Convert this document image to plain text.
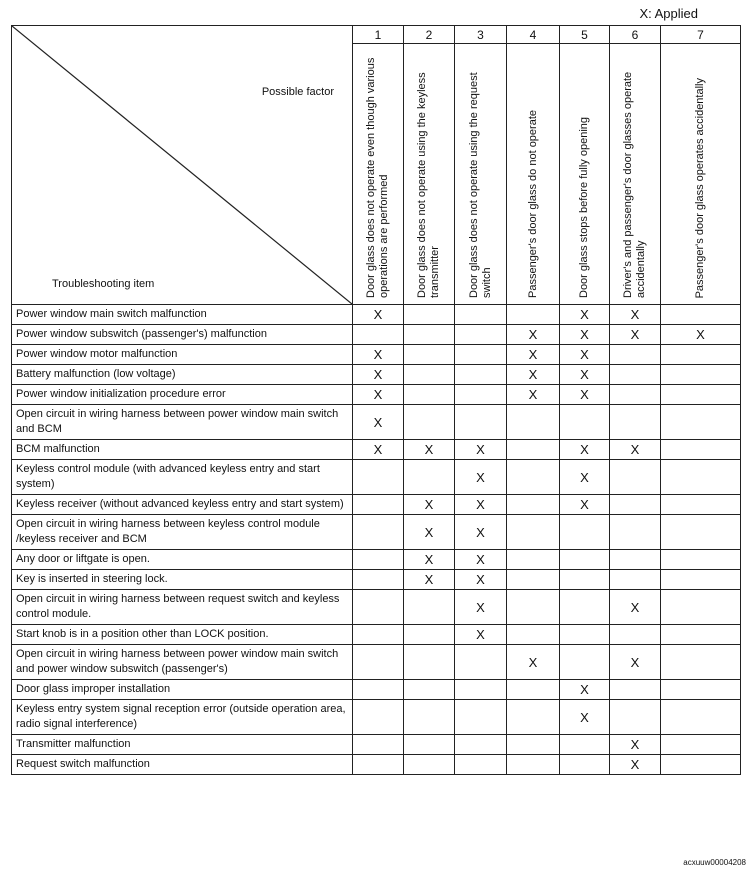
X: Applied
Possible factor
Troubleshooting item	1	2	3	4	5	6	7

	Door glass does not operate even though various operations are performed	Door glass does not operate using the keyless transmitter	Door glass does not operate using the request switch	Passenger's door glass do not operate	Door glass stops before fully opening	Driver's and passenger's door glasses operate accidentally	Passenger's door glass operates accidentally

Power window main switch malfunction	X				X	X	
Power window subswitch (passenger's) malfunction				X	X	X	X
Power window motor malfunction	X			X	X		
Battery malfunction (low voltage)	X			X	X		
Power window initialization procedure error	X			X	X		
Open circuit in wiring harness between power window main switch and BCM	X						
BCM malfunction	X	X	X		X	X	
Keyless control module (with advanced keyless entry and start system)			X		X		
Keyless receiver (without advanced keyless entry and start system)		X	X		X		
Open circuit in wiring harness between keyless control module /keyless receiver and BCM		X	X				
Any door or liftgate is open.		X	X				
Key is inserted in steering lock.		X	X				
Open circuit in wiring harness between request switch and keyless control module.			X			X	
Start knob is in a position other than LOCK position.			X				
Open circuit in wiring harness between power window main switch and power window subswitch (passenger's)				X		X	
Door glass improper installation					X		
Keyless entry system signal reception error (outside operation area, radio signal interference)					X		
Transmitter malfunction						X	
Request switch malfunction						X	
acxuuw00004208
